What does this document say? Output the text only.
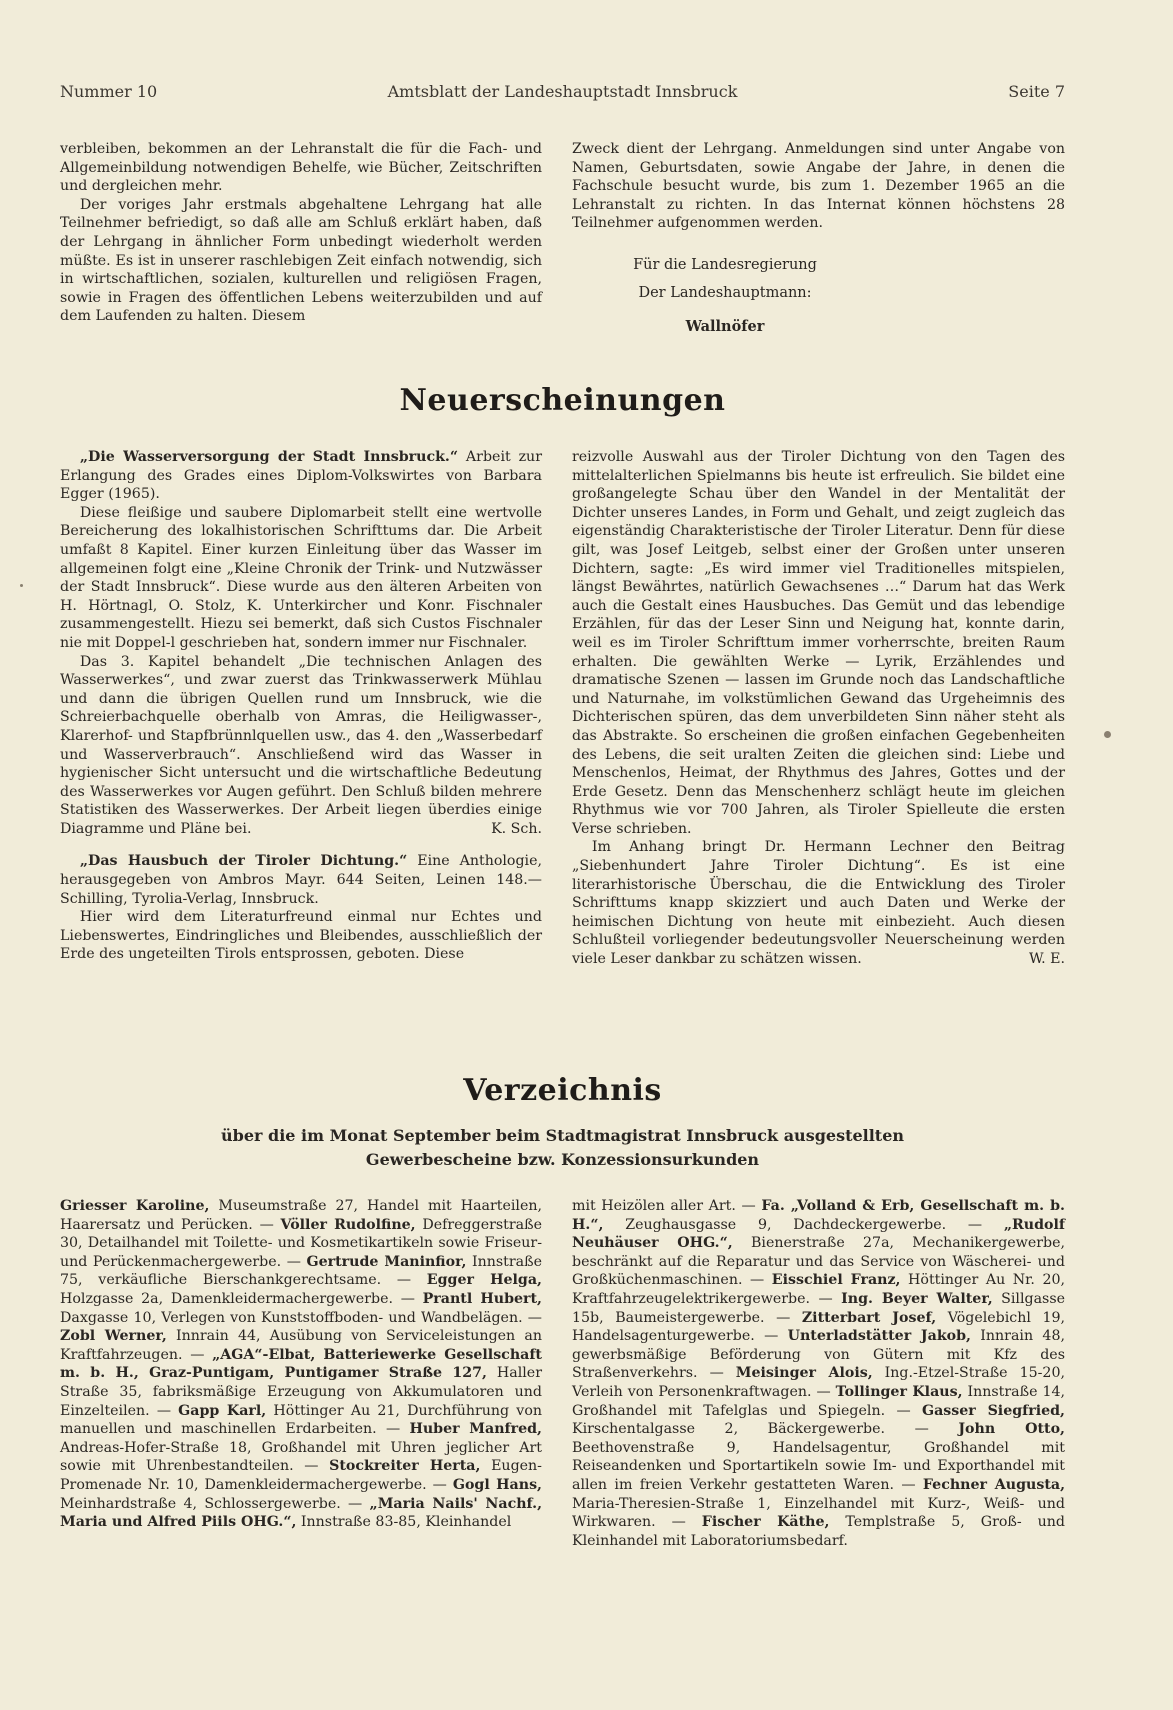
Nummer 10	Amtsblatt der Landeshauptstadt Innsbruck	Seite 7

verbleiben, bekommen an der Lehranstalt die für die Fach- und Allgemeinbildung notwendigen Behelfe, wie Bücher, Zeitschriften und dergleichen mehr.

Der voriges Jahr erstmals abgehaltene Lehrgang hat alle Teilnehmer befriedigt, so daß alle am Schluß erklärt haben, daß der Lehrgang in ähnlicher Form unbedingt wiederholt werden müßte. Es ist in unserer raschlebigen Zeit einfach notwendig, sich in wirtschaftlichen, sozialen, kulturellen und religiösen Fragen, sowie in Fragen des öffentlichen Lebens weiterzubilden und auf dem Laufenden zu halten. Diesem

Zweck dient der Lehrgang. Anmeldungen sind unter Angabe von Namen, Geburtsdaten, sowie Angabe der Jahre, in denen die Fachschule besucht wurde, bis zum 1. Dezember 1965 an die Lehranstalt zu richten. In das Internat können höchstens 28 Teilnehmer aufgenommen werden.

Für die Landesregierung
Der Landeshauptmann:
Wallnöfer
Neuerscheinungen

„Die Wasserversorgung der Stadt Innsbruck.“ Arbeit zur Erlangung des Grades eines Diplom-Volkswirtes von Barbara Egger (1965).

Diese fleißige und saubere Diplomarbeit stellt eine wertvolle Bereicherung des lokalhistorischen Schrifttums dar. Die Arbeit umfaßt 8 Kapitel. Einer kurzen Einleitung über das Wasser im allgemeinen folgt eine „Kleine Chronik der Trink- und Nutzwässer der Stadt Innsbruck“. Diese wurde aus den älteren Arbeiten von H. Hörtnagl, O. Stolz, K. Unterkircher und Konr. Fischnaler zusammengestellt. Hiezu sei bemerkt, daß sich Custos Fischnaler nie mit Doppel-l geschrieben hat, sondern immer nur Fischnaler.

Das 3. Kapitel behandelt „Die technischen Anlagen des Wasserwerkes“, und zwar zuerst das Trinkwasserwerk Mühlau und dann die übrigen Quellen rund um Innsbruck, wie die Schreierbachquelle oberhalb von Amras, die Heiligwasser-, Klarerhof- und Stapfbrünnlquellen usw., das 4. den „Wasserbedarf und Wasserverbrauch“. Anschließend wird das Wasser in hygienischer Sicht untersucht und die wirtschaftliche Bedeutung des Wasserwerkes vor Augen geführt. Den Schluß bilden mehrere Statistiken des Wasserwerkes. Der Arbeit liegen überdies einige Diagramme und Pläne bei.	K. Sch.

„Das Hausbuch der Tiroler Dichtung.“ Eine Anthologie, herausgegeben von Ambros Mayr. 644 Seiten, Leinen 148.— Schilling, Tyrolia-Verlag, Innsbruck.

Hier wird dem Literaturfreund einmal nur Echtes und Liebenswertes, Eindringliches und Bleibendes, ausschließlich der Erde des ungeteilten Tirols entsprossen, geboten. Diese

reizvolle Auswahl aus der Tiroler Dichtung von den Tagen des mittelalterlichen Spielmanns bis heute ist erfreulich. Sie bildet eine großangelegte Schau über den Wandel in der Mentalität der Dichter unseres Landes, in Form und Gehalt, und zeigt zugleich das eigenständig Charakteristische der Tiroler Literatur. Denn für diese gilt, was Josef Leitgeb, selbst einer der Großen unter unseren Dichtern, sagte: „Es wird immer viel Traditionelles mitspielen, längst Bewährtes, natürlich Gewachsenes …“ Darum hat das Werk auch die Gestalt eines Hausbuches. Das Gemüt und das lebendige Erzählen, für das der Leser Sinn und Neigung hat, konnte darin, weil es im Tiroler Schrifttum immer vorherrschte, breiten Raum erhalten. Die gewählten Werke — Lyrik, Erzählendes und dramatische Szenen — lassen im Grunde noch das Landschaftliche und Naturnahe, im volkstümlichen Gewand das Urgeheimnis des Dichterischen spüren, das dem unverbildeten Sinn näher steht als das Abstrakte. So erscheinen die großen einfachen Gegebenheiten des Lebens, die seit uralten Zeiten die gleichen sind: Liebe und Menschenlos, Heimat, der Rhythmus des Jahres, Gottes und der Erde Gesetz. Denn das Menschenherz schlägt heute im gleichen Rhythmus wie vor 700 Jahren, als Tiroler Spielleute die ersten Verse schrieben.

Im Anhang bringt Dr. Hermann Lechner den Beitrag „Siebenhundert Jahre Tiroler Dichtung“. Es ist eine literarhistorische Überschau, die die Entwicklung des Tiroler Schrifttums knapp skizziert und auch Daten und Werke der heimischen Dichtung von heute mit einbezieht. Auch diesen Schlußteil vorliegender bedeutungsvoller Neuerscheinung werden viele Leser dankbar zu schätzen wissen.	W. E.

Verzeichnis
über die im Monat September beim Stadtmagistrat Innsbruck ausgestellten
Gewerbescheine bzw. Konzessionsurkunden

Griesser Karoline, Museumstraße 27, Handel mit Haarteilen, Haarersatz und Perücken. — Völler Rudolfine, Defreggerstraße 30, Detailhandel mit Toilette- und Kosmetikartikeln sowie Friseur- und Perückenmachergewerbe. — Gertrude Maninfior, Innstraße 75, verkäufliche Bierschankgerechtsame. — Egger Helga, Holzgasse 2a, Damenkleidermachergewerbe. — Prantl Hubert, Daxgasse 10, Verlegen von Kunststoffboden- und Wandbelägen. — Zobl Werner, Innrain 44, Ausübung von Serviceleistungen an Kraftfahrzeugen. — „AGA“-Elbat, Batteriewerke Gesellschaft m. b. H., Graz-Puntigam, Puntigamer Straße 127, Haller Straße 35, fabriksmäßige Erzeugung von Akkumulatoren und Einzelteilen. — Gapp Karl, Höttinger Au 21, Durchführung von manuellen und maschinellen Erdarbeiten. — Huber Manfred, Andreas-Hofer-Straße 18, Großhandel mit Uhren jeglicher Art sowie mit Uhrenbestandteilen. — Stockreiter Herta, Eugen-Promenade Nr. 10, Damenkleidermachergewerbe. — Gogl Hans, Meinhardstraße 4, Schlossergewerbe. — „Maria Nails' Nachf., Maria und Alfred Piils OHG.“, Innstraße 83-85, Kleinhandel

mit Heizölen aller Art. — Fa. „Volland & Erb, Gesellschaft m. b. H.“, Zeughausgasse 9, Dachdeckergewerbe. — „Rudolf Neuhäuser OHG.“, Bienerstraße 27a, Mechanikergewerbe, beschränkt auf die Reparatur und das Service von Wäscherei- und Großküchenmaschinen. — Eisschiel Franz, Höttinger Au Nr. 20, Kraftfahrzeugelektrikergewerbe. — Ing. Beyer Walter, Sillgasse 15b, Baumeistergewerbe. — Zitterbart Josef, Vögelebichl 19, Handelsagenturgewerbe. — Unterladstätter Jakob, Innrain 48, gewerbsmäßige Beförderung von Gütern mit Kfz des Straßenverkehrs. — Meisinger Alois, Ing.-Etzel-Straße 15-20, Verleih von Personenkraftwagen. — Tollinger Klaus, Innstraße 14, Großhandel mit Tafelglas und Spiegeln. — Gasser Siegfried, Kirschentalgasse 2, Bäckergewerbe. — John Otto, Beethovenstraße 9, Handelsagentur, Großhandel mit Reiseandenken und Sportartikeln sowie Im- und Exporthandel mit allen im freien Verkehr gestatteten Waren. — Fechner Augusta, Maria-Theresien-Straße 1, Einzelhandel mit Kurz-, Weiß- und Wirkwaren. — Fischer Käthe, Templstraße 5, Groß- und Kleinhandel mit Laboratoriumsbedarf.
